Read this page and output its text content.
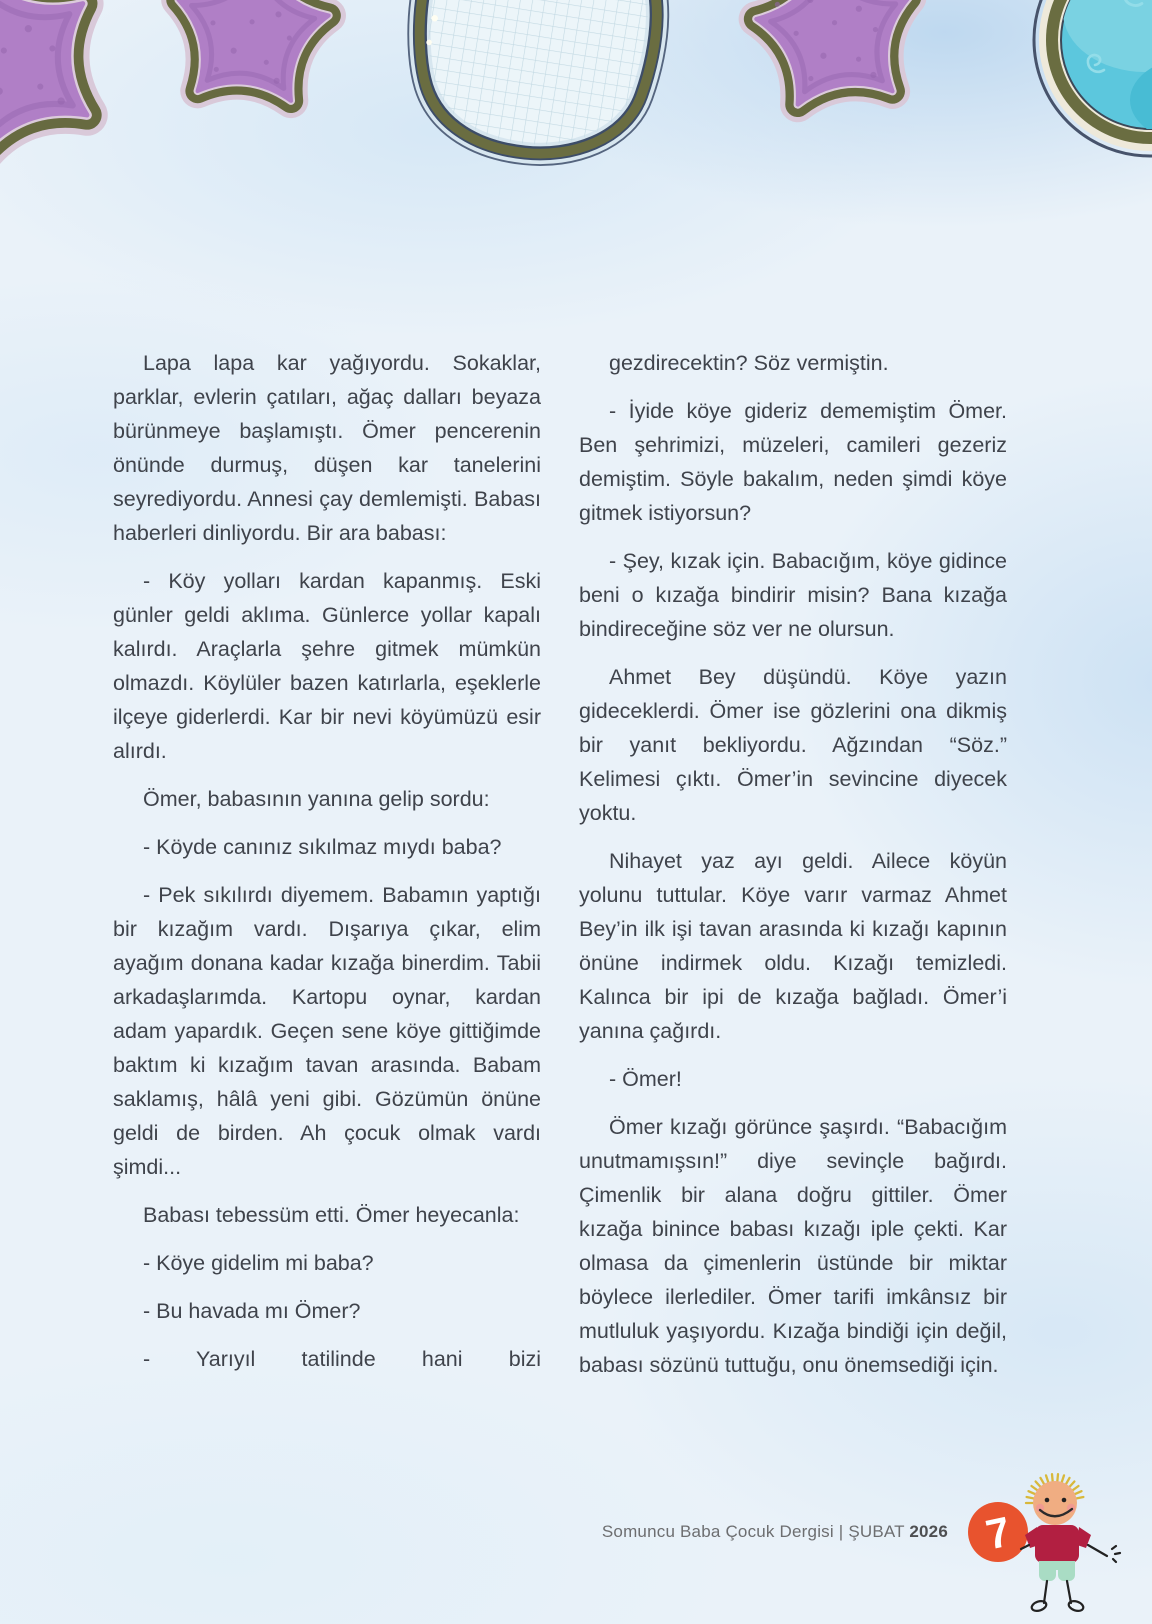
Lapa lapa kar yağıyordu. Sokaklar, parklar, evlerin çatıları, ağaç dalları beyaza bürünmeye başlamıştı. Ömer pencerenin önünde durmuş, düşen kar tanelerini seyrediyordu. Annesi çay demlemişti. Babası haberleri dinliyordu. Bir ara babası:

- Köy yolları kardan kapanmış. Eski günler geldi aklıma. Günlerce yollar kapalı kalırdı. Araçlarla şehre gitmek mümkün olmazdı. Köylüler bazen katırlarla, eşeklerle ilçeye giderlerdi. Kar bir nevi köyümüzü esir alırdı.

Ömer, babasının yanına gelip sordu:

- Köyde canınız sıkılmaz mıydı baba?

- Pek sıkılırdı diyemem. Babamın yaptığı bir kızağım vardı. Dışarıya çıkar, elim ayağım donana kadar kızağa binerdim. Tabii arkadaşlarımda. Kartopu oynar, kardan adam yapardık. Geçen sene köye gittiğimde baktım ki kızağım tavan arasında. Babam saklamış, hâlâ yeni gibi. Gözümün önüne geldi de birden. Ah çocuk olmak vardı şimdi...

Babası tebessüm etti. Ömer heyecanla:

- Köye gidelim mi baba?

- Bu havada mı Ömer?

- Yarıyıl tatilinde hani bizi

gezdirecektin? Söz vermiştin.

- İyide köye gideriz dememiştim Ömer. Ben şehrimizi, müzeleri, camileri gezeriz demiştim. Söyle bakalım, neden şimdi köye gitmek istiyorsun?

- Şey, kızak için. Babacığım, köye gidince beni o kızağa bindirir misin? Bana kızağa bindireceğine söz ver ne olursun.

Ahmet Bey düşündü. Köye yazın gideceklerdi. Ömer ise gözlerini ona dikmiş bir yanıt bekliyordu. Ağzından “Söz.” Kelimesi çıktı. Ömer’in sevincine diyecek yoktu.

Nihayet yaz ayı geldi. Ailece köyün yolunu tuttular. Köye varır varmaz Ahmet Bey’in ilk işi tavan arasında ki kızağı kapının önüne indirmek oldu. Kızağı temizledi. Kalınca bir ipi de kızağa bağladı. Ömer’i yanına çağırdı.

- Ömer!

Ömer kızağı görünce şaşırdı. “Babacığım unutmamışsın!” diye sevinçle bağırdı. Çimenlik bir alana doğru gittiler. Ömer kızağa binince babası kızağı iple çekti. Kar olmasa da çimenlerin üstünde bir miktar böylece ilerlediler. Ömer tarifi imkânsız bir mutluluk yaşıyordu. Kızağa bindiği için değil, babası sözünü tuttuğu, onu önemsediği için.

Somuncu Baba Çocuk Dergisi | ŞUBAT 2026 7
